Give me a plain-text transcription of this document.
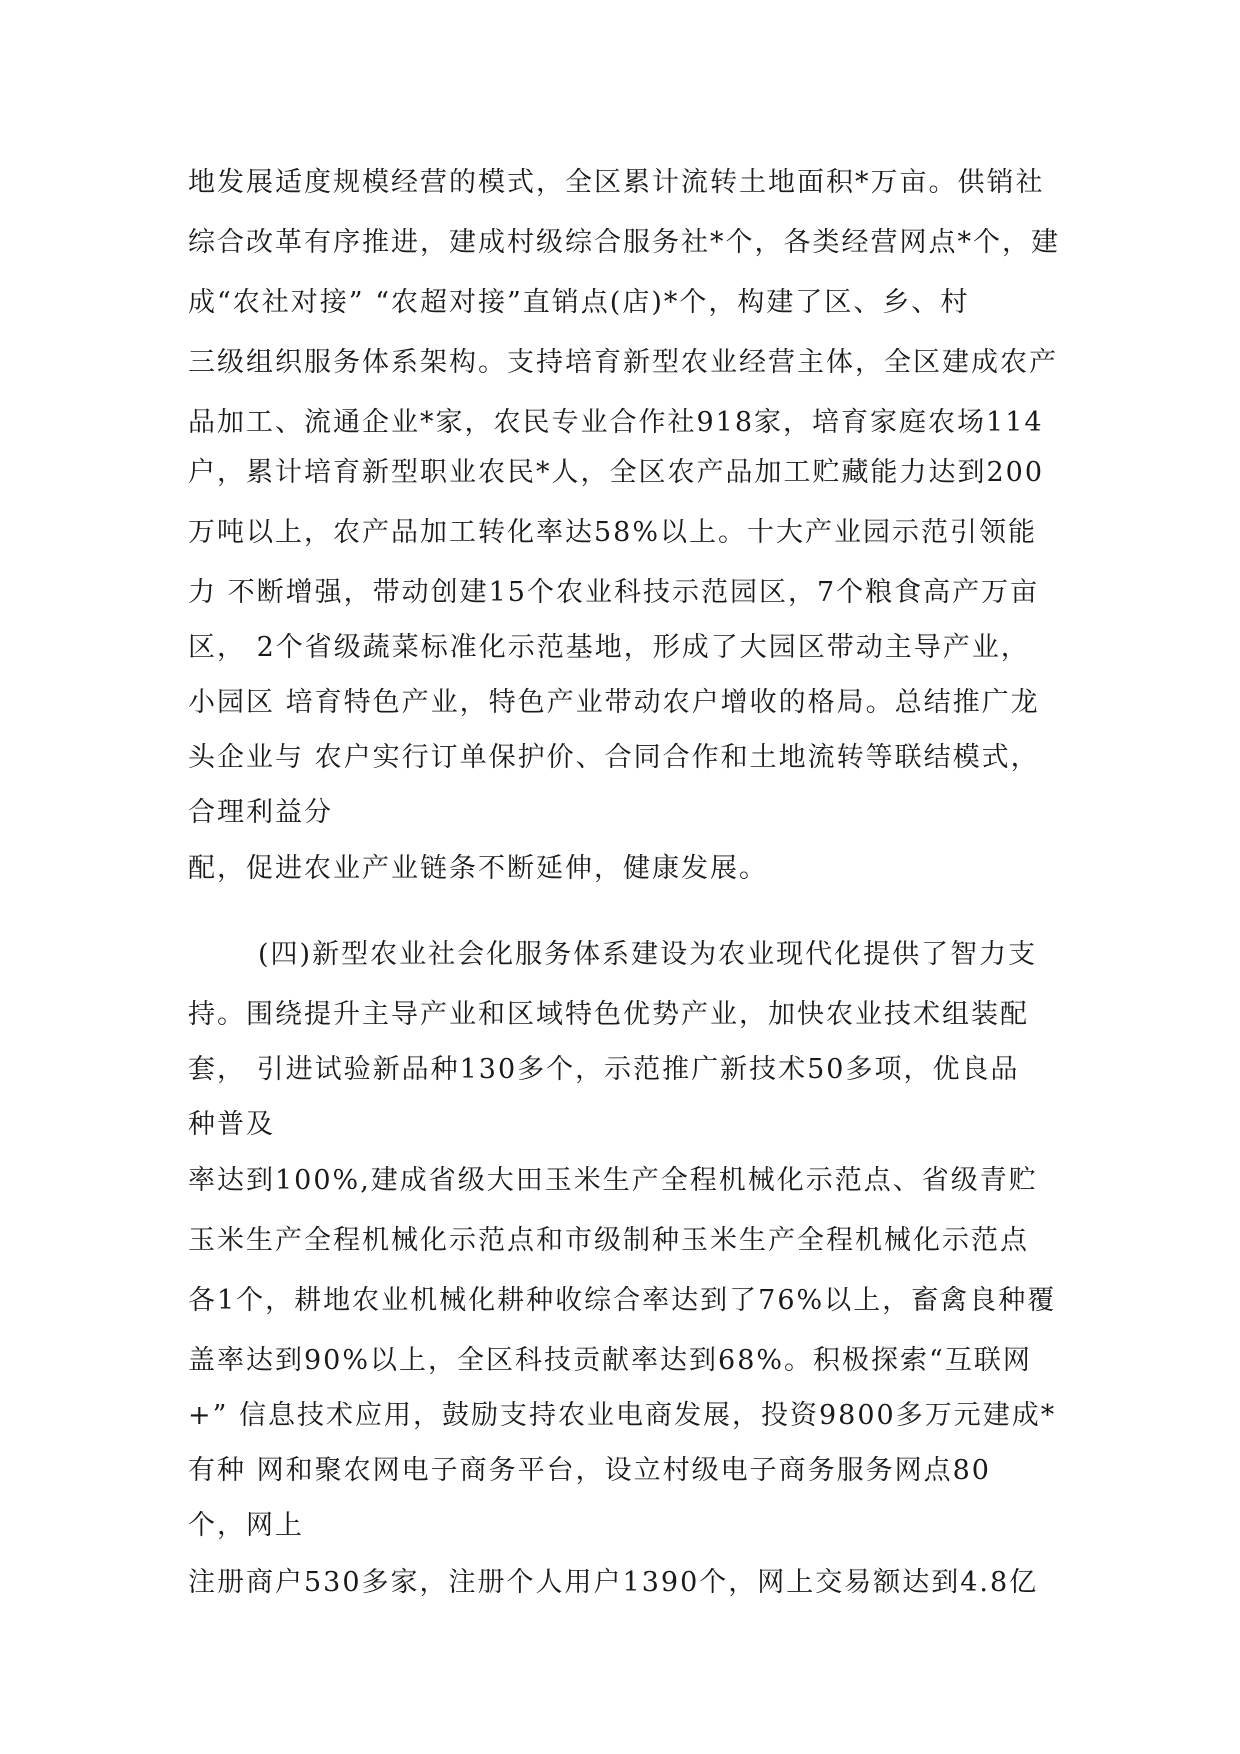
地发展适度规模经营的模式，全区累计流转土地面积*万亩。供销社
综合改革有序推进，建成村级综合服务社*个，各类经营网点*个，建
成“农社对接” “农超对接”直销点(店)*个，构建了区、乡、村
三级组织服务体系架构。支持培育新型农业经营主体，全区建成农产
品加工、流通企业*家，农民专业合作社918家，培育家庭农场114
户，累计培育新型职业农民*人，全区农产品加工贮藏能力达到200
万吨以上，农产品加工转化率达58%以上。十大产业园示范引领能
力 不断增强，带动创建15个农业科技示范园区，7个粮食高产万亩
区， 2个省级蔬菜标准化示范基地，形成了大园区带动主导产业，
小园区 培育特色产业，特色产业带动农户增收的格局。总结推广龙
头企业与 农户实行订单保护价、合同合作和土地流转等联结模式，
合理利益分
配，促进农业产业链条不断延伸，健康发展。
(四)新型农业社会化服务体系建设为农业现代化提供了智力支
持。围绕提升主导产业和区域特色优势产业，加快农业技术组装配
套， 引进试验新品种130多个，示范推广新技术50多项，优良品
种普及
率达到100%,建成省级大田玉米生产全程机械化示范点、省级青贮
玉米生产全程机械化示范点和市级制种玉米生产全程机械化示范点
各1个，耕地农业机械化耕种收综合率达到了76%以上，畜禽良种覆
盖率达到90%以上，全区科技贡献率达到68%。积极探索“互联网
+” 信息技术应用，鼓励支持农业电商发展，投资9800多万元建成*
有种 网和聚农网电子商务平台，设立村级电子商务服务网点80
个，网上
注册商户530多家，注册个人用户1390个，网上交易额达到4.8亿
